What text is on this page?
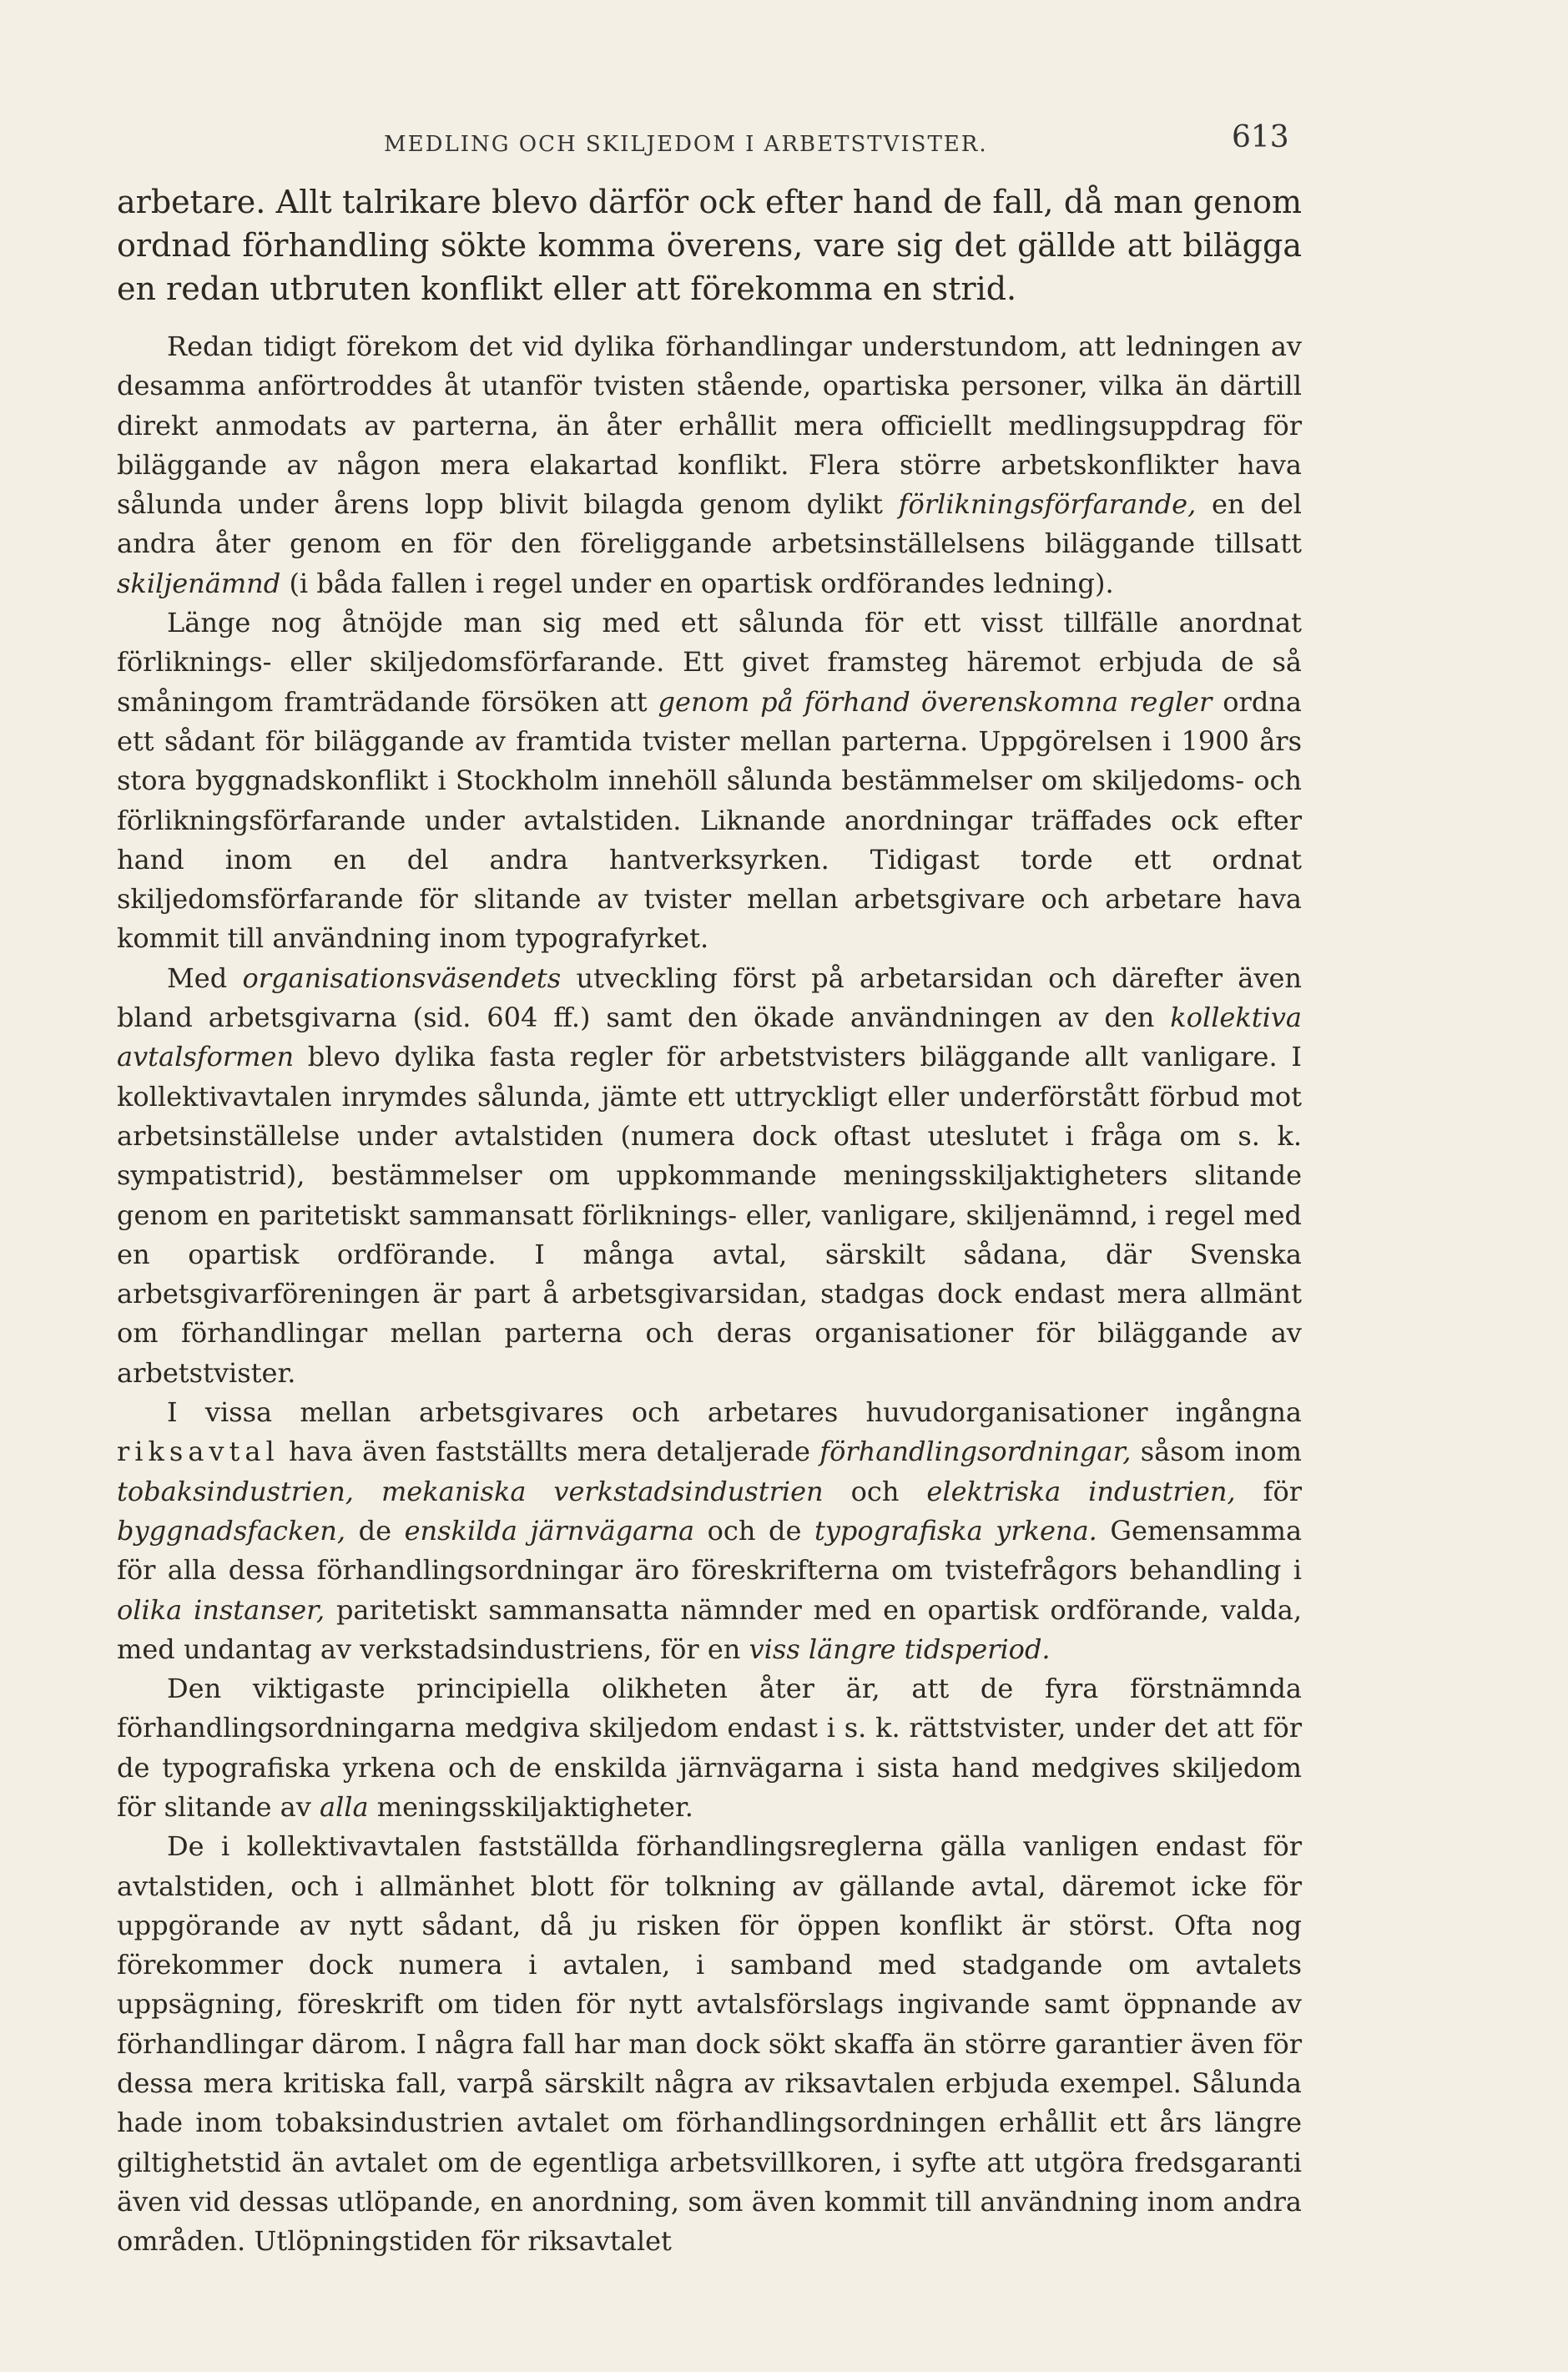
MEDLING OCH SKILJEDOM I ARBETSTVISTER.	613

arbetare. Allt talrikare blevo därför ock efter hand de fall, då man genom ordnad förhandling sökte komma överens, vare sig det gällde att bilägga en redan utbruten konflikt eller att förekomma en strid.

Redan tidigt förekom det vid dylika förhandlingar understundom, att ledningen av desamma anförtroddes åt utanför tvisten stående, opartiska personer, vilka än därtill direkt anmodats av parterna, än åter erhållit mera officiellt medlingsuppdrag för biläggande av någon mera elakartad konflikt. Flera större arbetskonflikter hava sålunda under årens lopp blivit bilagda genom dylikt förlikningsförfarande, en del andra åter genom en för den föreliggande arbetsinställelsens biläggande tillsatt skiljenämnd (i båda fallen i regel under en opartisk ordförandes ledning).

Länge nog åtnöjde man sig med ett sålunda för ett visst tillfälle anordnat förliknings- eller skiljedomsförfarande. Ett givet framsteg häremot erbjuda de så småningom framträdande försöken att genom på förhand överenskomna regler ordna ett sådant för biläggande av framtida tvister mellan parterna. Uppgörelsen i 1900 års stora byggnadskonflikt i Stockholm innehöll sålunda bestämmelser om skiljedoms- och förlikningsförfarande under avtalstiden. Liknande anordningar träffades ock efter hand inom en del andra hantverksyrken. Tidigast torde ett ordnat skiljedomsförfarande för slitande av tvister mellan arbetsgivare och arbetare hava kommit till användning inom typografyrket.

Med organisationsväsendets utveckling först på arbetarsidan och därefter även bland arbetsgivarna (sid. 604 ff.) samt den ökade användningen av den kollektiva avtalsformen blevo dylika fasta regler för arbetstvisters biläggande allt vanligare. I kollektivavtalen inrymdes sålunda, jämte ett uttryckligt eller underförstått förbud mot arbetsinställelse under avtalstiden (numera dock oftast uteslutet i fråga om s. k. sympatistrid), bestämmelser om uppkommande meningsskiljaktigheters slitande genom en paritetiskt sammansatt förliknings- eller, vanligare, skiljenämnd, i regel med en opartisk ordförande. I många avtal, särskilt sådana, där Svenska arbetsgivarföreningen är part å arbetsgivarsidan, stadgas dock endast mera allmänt om förhandlingar mellan parterna och deras organisationer för biläggande av arbetstvister.

I vissa mellan arbetsgivares och arbetares huvudorganisationer ingångna riksavtal hava även fastställts mera detaljerade förhandlingsordningar, såsom inom tobaksindustrien, mekaniska verkstadsindustrien och elektriska industrien, för byggnadsfacken, de enskilda järnvägarna och de typografiska yrkena. Gemensamma för alla dessa förhandlingsordningar äro föreskrifterna om tvistefrågors behandling i olika instanser, paritetiskt sammansatta nämnder med en opartisk ordförande, valda, med undantag av verkstadsindustriens, för en viss längre tidsperiod.

Den viktigaste principiella olikheten åter är, att de fyra förstnämnda förhandlingsordningarna medgiva skiljedom endast i s. k. rättstvister, under det att för de typografiska yrkena och de enskilda järnvägarna i sista hand medgives skiljedom för slitande av alla meningsskiljaktigheter.

De i kollektivavtalen fastställda förhandlingsreglerna gälla vanligen endast för avtalstiden, och i allmänhet blott för tolkning av gällande avtal, däremot icke för uppgörande av nytt sådant, då ju risken för öppen konflikt är störst. Ofta nog förekommer dock numera i avtalen, i samband med stadgande om avtalets uppsägning, föreskrift om tiden för nytt avtalsförslags ingivande samt öppnande av förhandlingar därom. I några fall har man dock sökt skaffa än större garantier även för dessa mera kritiska fall, varpå särskilt några av riksavtalen erbjuda exempel. Sålunda hade inom tobaksindustrien avtalet om förhandlingsordningen erhållit ett års längre giltighetstid än avtalet om de egentliga arbetsvillkoren, i syfte att utgöra fredsgaranti även vid dessas utlöpande, en anordning, som även kommit till användning inom andra områden. Utlöpningstiden för riksavtalet
